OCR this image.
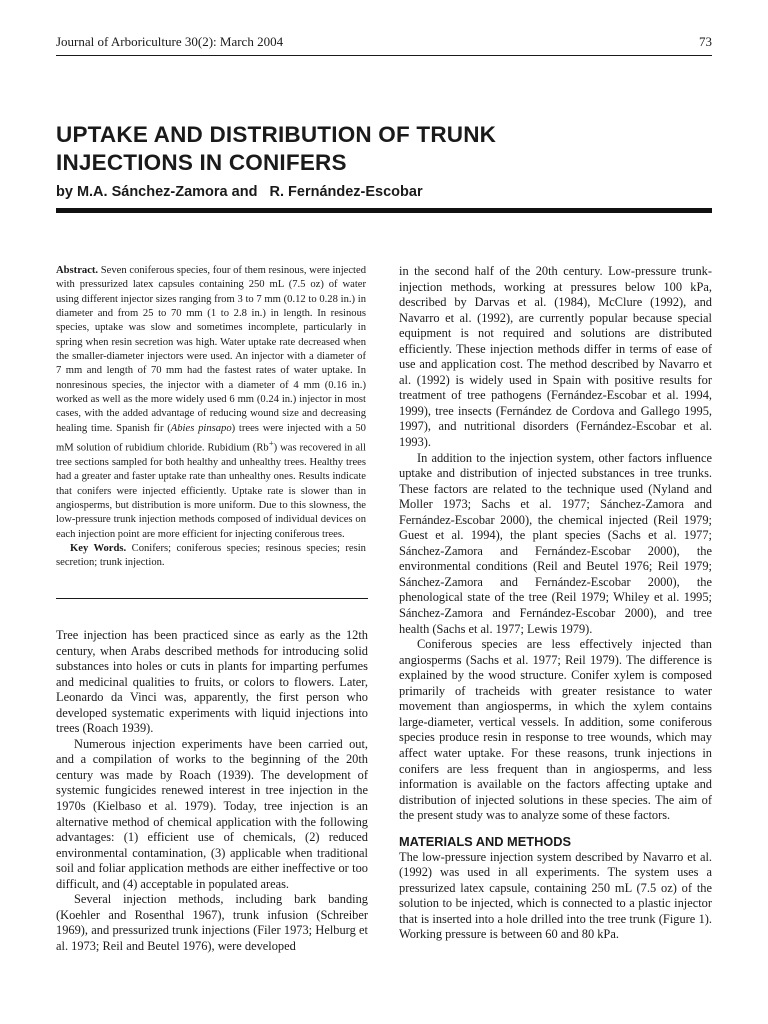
Journal of Arboriculture 30(2): March 2004	73
UPTAKE AND DISTRIBUTION OF TRUNK
INJECTIONS IN CONIFERS
by M.A. Sánchez-Zamora and   R. Fernández-Escobar

Abstract. Seven coniferous species, four of them resinous, were injected with pressurized latex capsules containing 250 mL (7.5 oz) of water using different injector sizes ranging from 3 to 7 mm (0.12 to 0.28 in.) in diameter and from 25 to 70 mm (1 to 2.8 in.) in length. In resinous species, uptake was slow and sometimes incomplete, particularly in spring when resin secretion was high. Water uptake rate decreased when the smaller-diameter injectors were used. An injector with a diameter of 7 mm and length of 70 mm had the fastest rates of water uptake. In nonresinous species, the injector with a diameter of 4 mm (0.16 in.) worked as well as the more widely used 6 mm (0.24 in.) injector in most cases, with the added advantage of reducing wound size and decreasing healing time. Spanish fir (Abies pinsapo) trees were injected with a 50 mM solution of rubidium chloride. Rubidium (Rb+) was recovered in all tree sections sampled for both healthy and unhealthy trees. Healthy trees had a greater and faster uptake rate than unhealthy ones. Results indicate that conifers were injected efficiently. Uptake rate is slower than in angiosperms, but distribution is more uniform. Due to this slowness, the low-pressure trunk injection methods composed of individual devices on each injection point are more efficient for injecting coniferous trees.

Key Words. Conifers; coniferous species; resinous species; resin secretion; trunk injection.

Tree injection has been practiced since as early as the 12th century, when Arabs described methods for introducing solid substances into holes or cuts in plants for imparting perfumes and medicinal qualities to fruits, or colors to flowers. Later, Leonardo da Vinci was, apparently, the first person who developed systematic experiments with liquid injections into trees (Roach 1939).

Numerous injection experiments have been carried out, and a compilation of works to the beginning of the 20th century was made by Roach (1939). The development of systemic fungicides renewed interest in tree injection in the 1970s (Kielbaso et al. 1979). Today, tree injection is an alternative method of chemical application with the following advantages: (1) efficient use of chemicals, (2) reduced environmental contamination, (3) applicable when traditional soil and foliar application methods are either ineffective or too difficult, and (4) acceptable in populated areas.

Several injection methods, including bark banding (Koehler and Rosenthal 1967), trunk infusion (Schreiber 1969), and pressurized trunk injections (Filer 1973; Helburg et al. 1973; Reil and Beutel 1976), were developed

in the second half of the 20th century. Low-pressure trunk-injection methods, working at pressures below 100 kPa, described by Darvas et al. (1984), McClure (1992), and Navarro et al. (1992), are currently popular because special equipment is not required and solutions are distributed efficiently. These injection methods differ in terms of ease of use and application cost. The method described by Navarro et al. (1992) is widely used in Spain with positive results for treatment of tree pathogens (Fernández-Escobar et al. 1994, 1999), tree insects (Fernández de Cordova and Gallego 1995, 1997), and nutritional disorders (Fernández-Escobar et al. 1993).

In addition to the injection system, other factors influence uptake and distribution of injected substances in tree trunks. These factors are related to the technique used (Nyland and Moller 1973; Sachs et al. 1977; Sánchez-Zamora and Fernández-Escobar 2000), the chemical injected (Reil 1979; Guest et al. 1994), the plant species (Sachs et al. 1977; Sánchez-Zamora and Fernández-Escobar 2000), the environmental conditions (Reil and Beutel 1976; Reil 1979; Sánchez-Zamora and Fernández-Escobar 2000), the phenological state of the tree (Reil 1979; Whiley et al. 1995; Sánchez-Zamora and Fernández-Escobar 2000), and tree health (Sachs et al. 1977; Lewis 1979).

Coniferous species are less effectively injected than angiosperms (Sachs et al. 1977; Reil 1979). The difference is explained by the wood structure. Conifer xylem is composed primarily of tracheids with greater resistance to water movement than angiosperms, in which the xylem contains large-diameter, vertical vessels. In addition, some coniferous species produce resin in response to tree wounds, which may affect water uptake. For these reasons, trunk injections in conifers are less frequent than in angiosperms, and less information is available on the factors affecting uptake and distribution of injected solutions in these species. The aim of the present study was to analyze some of these factors.

MATERIALS AND METHODS

The low-pressure injection system described by Navarro et al. (1992) was used in all experiments. The system uses a pressurized latex capsule, containing 250 mL (7.5 oz) of the solution to be injected, which is connected to a plastic injector that is inserted into a hole drilled into the tree trunk (Figure 1). Working pressure is between 60 and 80 kPa.
